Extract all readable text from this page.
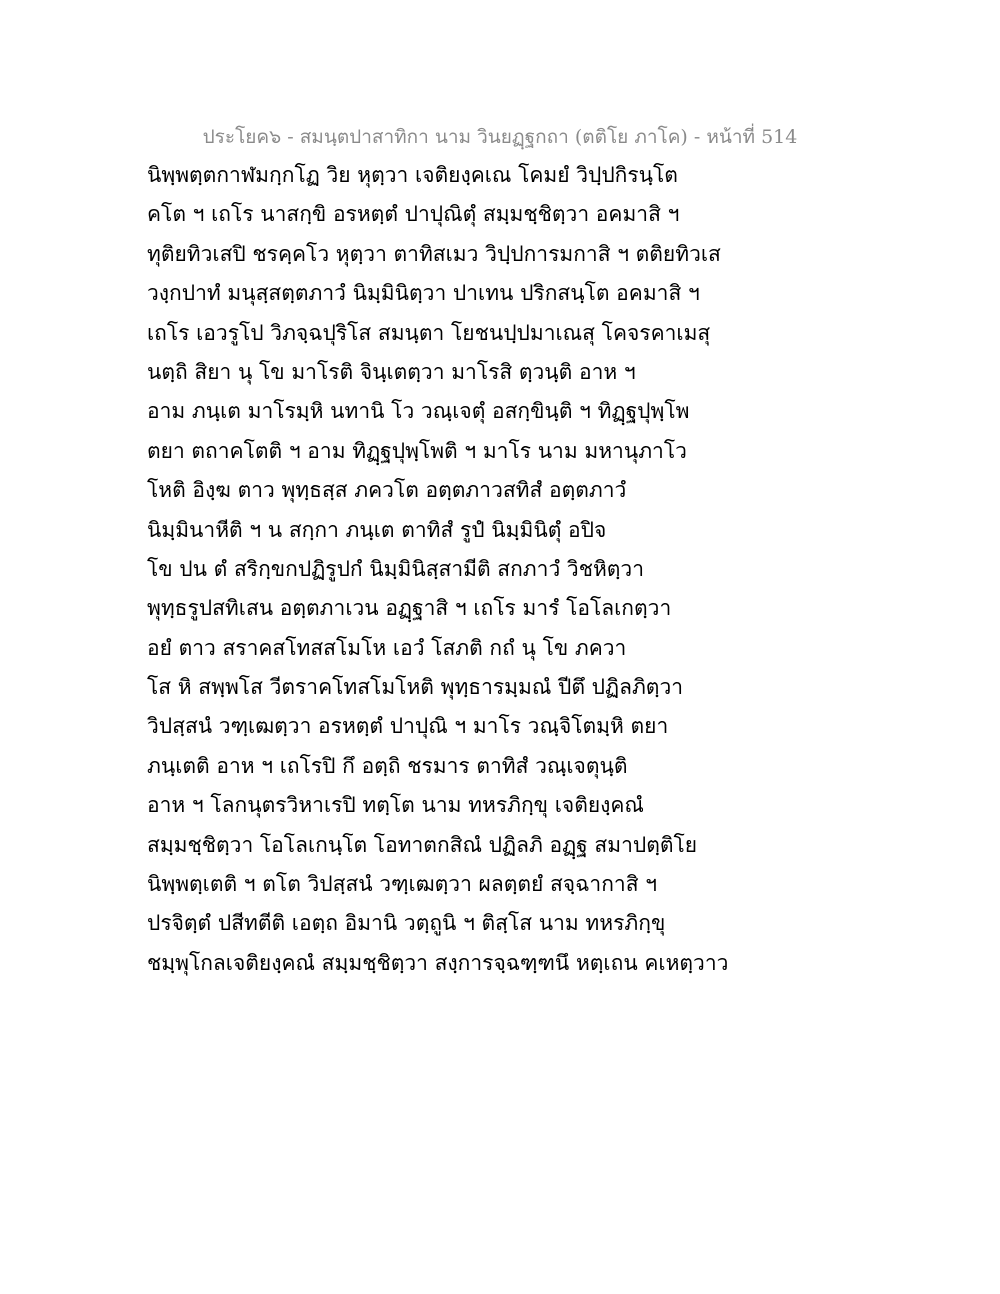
ประโยค๖ - สมนฺตปาสาทิกา นาม วินยฏฺฐกถา (ตติโย ภาโค) - หน้าที่ 514
นิพฺพตฺตกาฬมกฺกโฏ วิย หุตฺวา เจติยงฺคเณ โคมยํ วิปฺปกิรนฺโต
คโต ฯ เถโร นาสกฺขิ อรหตฺตํ ปาปุณิตุํ สมฺมชฺชิตฺวา อคมาสิ ฯ
ทุติยทิวเสปิ ชรคฺคโว หุตฺวา ตาทิสเมว วิปฺปการมกาสิ ฯ ตติยทิวเส
วงฺกปาทํ มนุสฺสตฺตภาวํ นิมฺมินิตฺวา ปาเทน ปริกสนฺโต อคมาสิ ฯ
เถโร เอวรูโป วิภจฺฉปุริโส สมนฺตา โยชนปฺปมาเณสุ โคจรคาเมสุ
นตฺถิ สิยา นุ โข มาโรติ จินฺเตตฺวา มาโรสิ ตฺวนฺติ อาห ฯ
อาม ภนฺเต มาโรมฺหิ นทานิ โว วณฺเจตุํ อสกฺขินฺติ ฯ ทิฏฺฐปุพฺโพ
ตยา ตถาคโตติ ฯ อาม ทิฏฺฐปุพฺโพติ ฯ มาโร นาม มหานุภาโว
โหติ อิงฺฆ ตาว พุทฺธสฺส ภควโต อตฺตภาวสทิสํ อตฺตภาวํ
นิมฺมินาหีติ ฯ น สกฺกา ภนฺเต ตาทิสํ รูปํ นิมฺมินิตุํ อปิจ
โข ปน ตํ สริกฺขกปฏิรูปกํ นิมฺมินิสฺสามีติ สกภาวํ วิชหิตฺวา
พุทฺธรูปสทิเสน อตฺตภาเวน อฏฺฐาสิ ฯ เถโร มารํ โอโลเกตฺวา
อยํ ตาว สราคสโทสสโมโห เอวํ โสภติ กถํ นุ โข ภควา
โส หิ สพฺพโส วีตราคโทสโมโหติ พุทฺธารมฺมณํ ปีตึ ปฏิลภิตฺวา
วิปสฺสนํ วฑฺเฒตฺวา อรหตฺตํ ปาปุณิ ฯ มาโร วณฺจิโตมฺหิ ตยา
ภนฺเตติ อาห ฯ เถโรปิ กึ อตฺถิ ชรมาร ตาทิสํ วณฺเจตุนฺติ
อาห ฯ โลกนุตรวิหาเรปิ ทตฺโต นาม ทหรภิกฺขุ เจติยงฺคณํ
สมฺมชฺชิตฺวา โอโลเกนฺโต โอทาตกสิณํ ปฏิลภิ อฏฺฐ สมาปตฺติโย
นิพฺพตฺเตติ ฯ ตโต วิปสฺสนํ วฑฺเฒตฺวา ผลตฺตยํ สจฺฉากาสิ ฯ
ปรจิตฺตํ ปสีทตีติ เอตฺถ อิมานิ วตฺถูนิ ฯ ติสฺโส นาม ทหรภิกฺขุ
ชมฺพุโกลเจติยงฺคณํ สมฺมชฺชิตฺวา สงฺการจฺฉฑฺฑนึ หตฺเถน คเหตฺวาว
